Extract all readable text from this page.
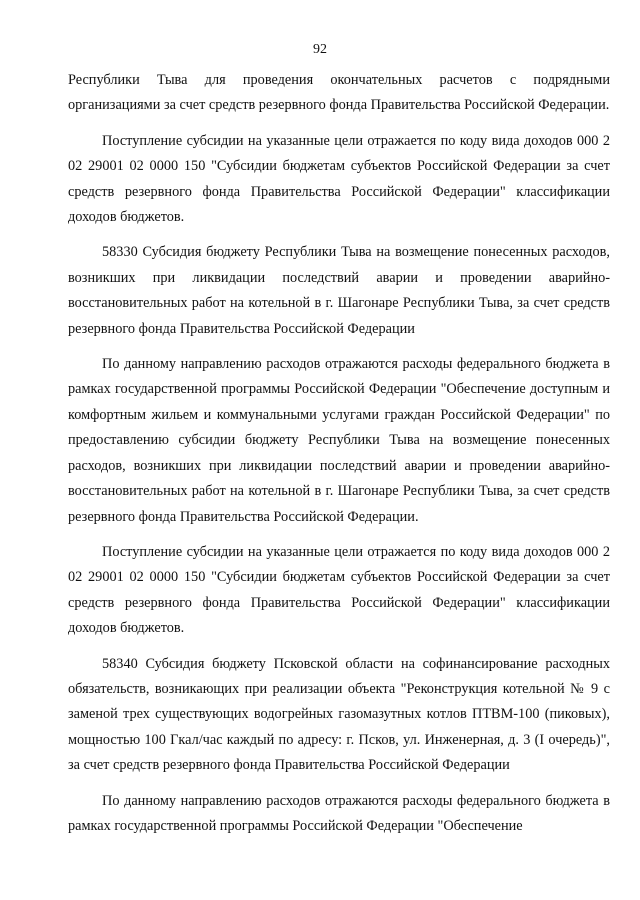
92

Республики Тыва для проведения окончательных расчетов с подрядными организациями за счет средств резервного фонда Правительства Российской Федерации.

Поступление субсидии на указанные цели отражается по коду вида доходов 000 2 02 29001 02 0000 150 "Субсидии бюджетам субъектов Российской Федерации за счет средств резервного фонда Правительства Российской Федерации" классификации доходов бюджетов.

58330 Субсидия бюджету Республики Тыва на возмещение понесенных расходов, возникших при ликвидации последствий аварии и проведении аварийно-восстановительных работ на котельной в г. Шагонаре Республики Тыва, за счет средств резервного фонда Правительства Российской Федерации

По данному направлению расходов отражаются расходы федерального бюджета в рамках государственной программы Российской Федерации "Обеспечение доступным и комфортным жильем и коммунальными услугами граждан Российской Федерации" по предоставлению субсидии бюджету Республики Тыва на возмещение понесенных расходов, возникших при ликвидации последствий аварии и проведении аварийно-восстановительных работ на котельной в г. Шагонаре Республики Тыва, за счет средств резервного фонда Правительства Российской Федерации.

Поступление субсидии на указанные цели отражается по коду вида доходов 000 2 02 29001 02 0000 150 "Субсидии бюджетам субъектов Российской Федерации за счет средств резервного фонда Правительства Российской Федерации" классификации доходов бюджетов.

58340 Субсидия бюджету Псковской области на софинансирование расходных обязательств, возникающих при реализации объекта "Реконструкция котельной № 9 с заменой трех существующих водогрейных газомазутных котлов ПТВМ-100 (пиковых), мощностью 100 Гкал/час каждый по адресу: г. Псков, ул. Инженерная, д. 3 (I очередь)", за счет средств резервного фонда Правительства Российской Федерации

По данному направлению расходов отражаются расходы федерального бюджета в рамках государственной программы Российской Федерации "Обеспечение
